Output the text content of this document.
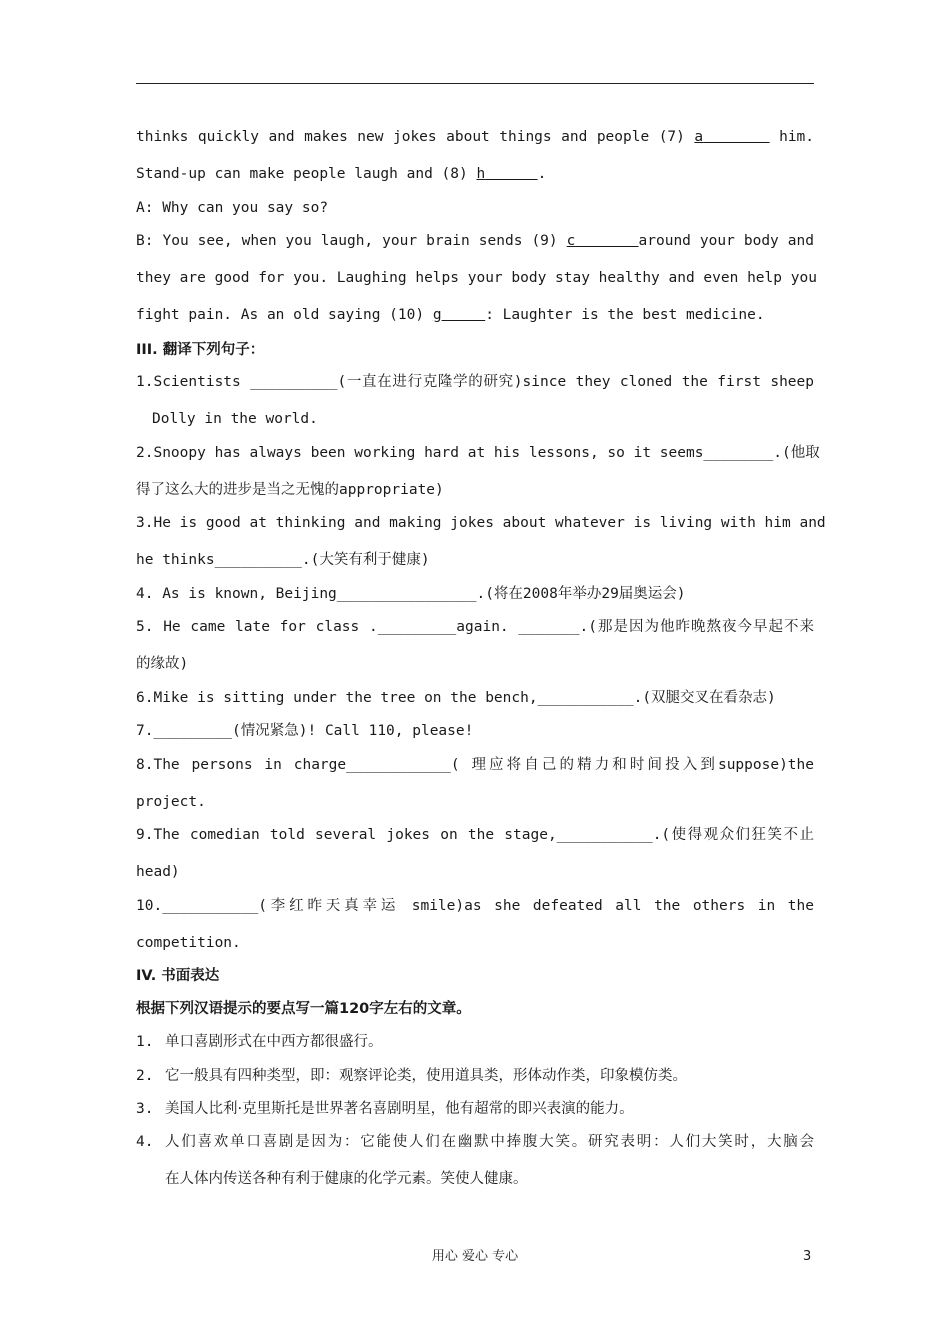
thinks quickly and makes new jokes about things and people (7) a	him.
Stand-up can make people laugh and (8) h	.
A: Why can you say so?
B: You see, when you laugh, your brain sends (9) c	around your body and
they are good for you. Laughing helps your body stay healthy and even help you
fight pain. As an old saying (10) g	: Laughter is the best medicine.
III. 翻译下列句子：
1.Scientists __________(一直在进行克隆学的研究)since they cloned the first sheep
Dolly in the world.
2.Snoopy has always been working hard at his lessons, so it seems________.(他取
得了这么大的进步是当之无愧的appropriate)
3.He is good at thinking and making jokes about whatever is living with him and
he thinks__________.(大笑有利于健康)
4. As is known, Beijing________________.(将在2008年举办29届奥运会)
5. He came late for class ._________again. _______.(那是因为他昨晚熬夜今早起不来
的缘故)
6.Mike is sitting under the tree on the bench,___________.(双腿交叉在看杂志)
7._________(情况紧急)! Call 110, please!
8.The persons in charge____________( 理应将自己的精力和时间投入到suppose)the
project.
9.The comedian told several jokes on the stage,___________.(使得观众们狂笑不止
head)
10.___________(李红昨天真幸运 smile)as she defeated all the others in the
competition.
IV. 书面表达
根据下列汉语提示的要点写一篇120字左右的文章。
1. 单口喜剧形式在中西方都很盛行。
2. 它一般具有四种类型，即：观察评论类，使用道具类，形体动作类，印象模仿类。
3. 美国人比利·克里斯托是世界著名喜剧明星，他有超常的即兴表演的能力。
4. 人们喜欢单口喜剧是因为：它能使人们在幽默中捧腹大笑。研究表明：人们大笑时，大脑会
在人体内传送各种有利于健康的化学元素。笑使人健康。
用心 爱心 专心	3
